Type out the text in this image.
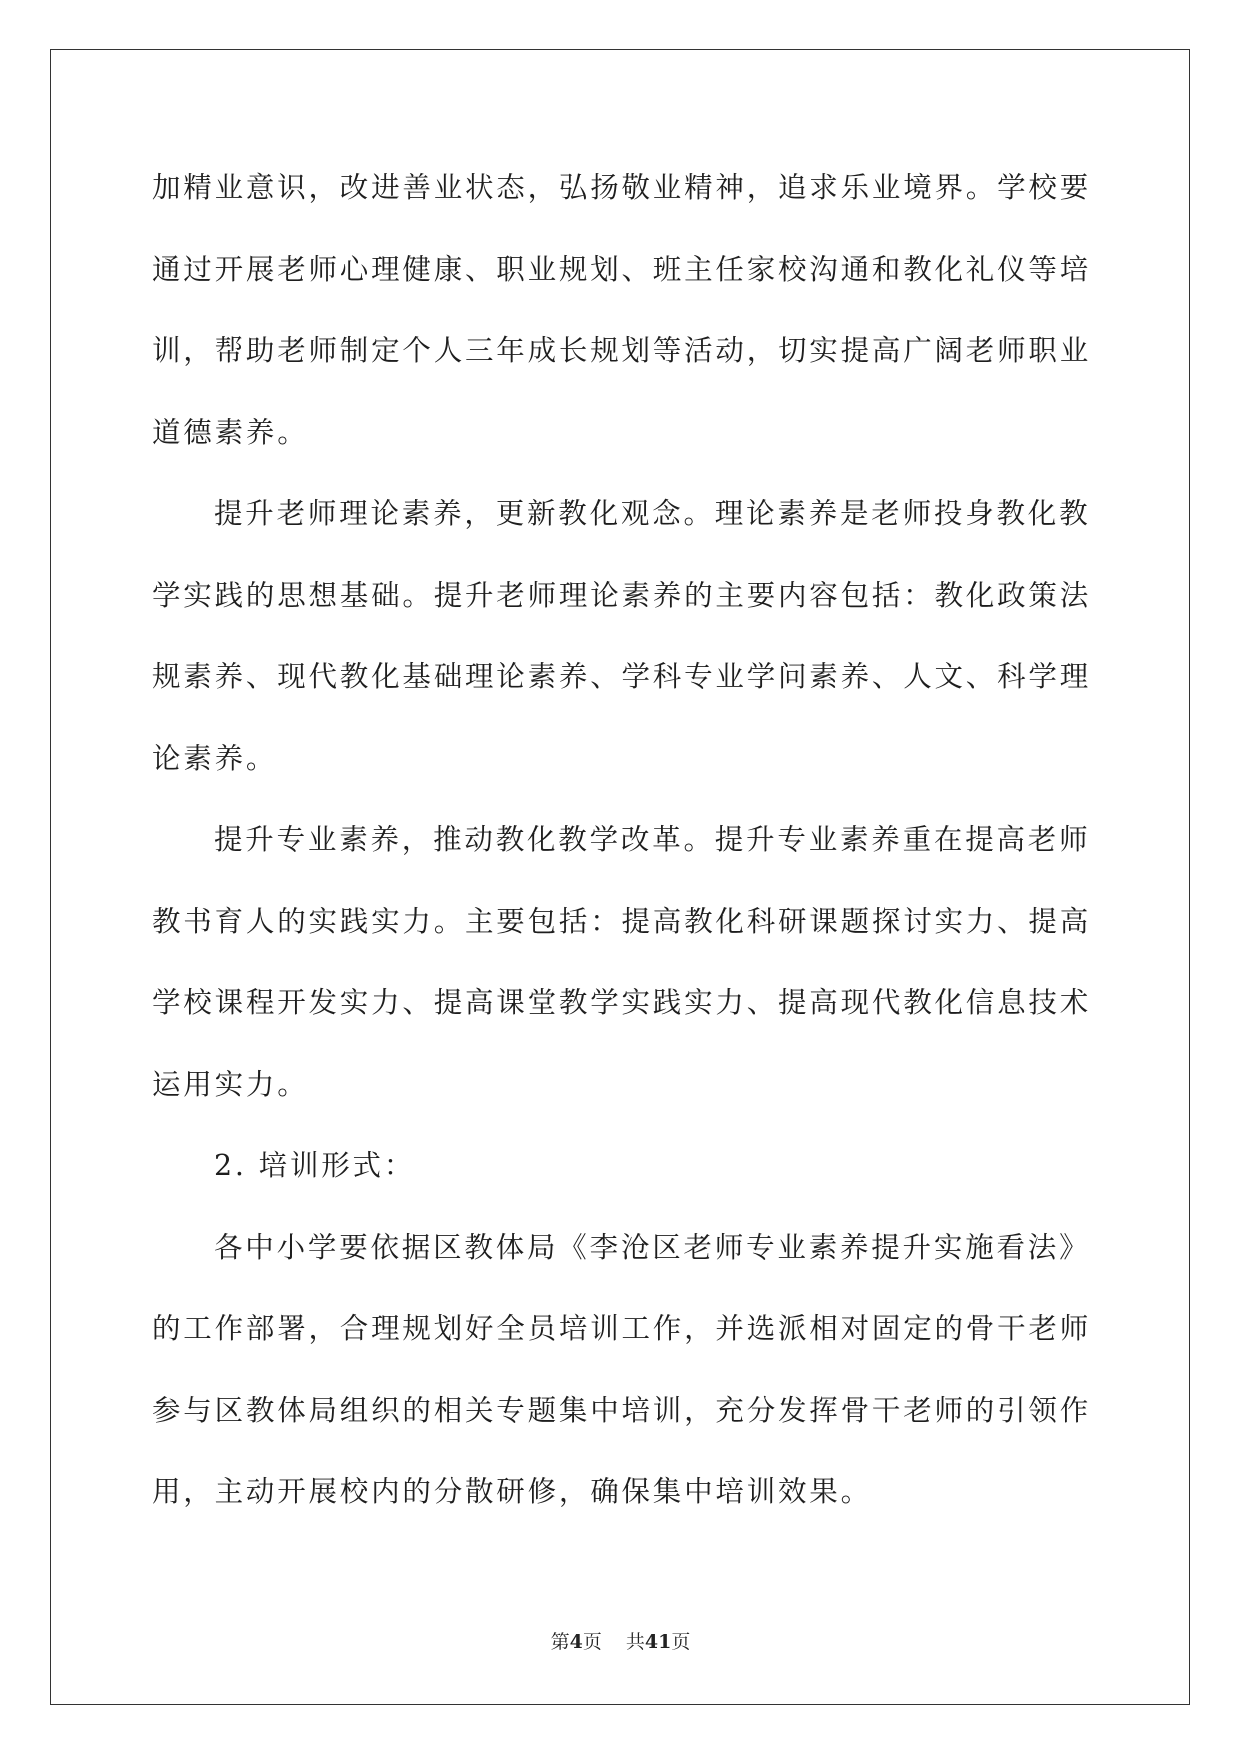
加精业意识，改进善业状态，弘扬敬业精神，追求乐业境界。学校要
通过开展老师心理健康、职业规划、班主任家校沟通和教化礼仪等培
训，帮助老师制定个人三年成长规划等活动，切实提高广阔老师职业
道德素养。
提升老师理论素养，更新教化观念。理论素养是老师投身教化教
学实践的思想基础。提升老师理论素养的主要内容包括：教化政策法
规素养、现代教化基础理论素养、学科专业学问素养、人文、科学理
论素养。
提升专业素养，推动教化教学改革。提升专业素养重在提高老师
教书育人的实践实力。主要包括：提高教化科研课题探讨实力、提高
学校课程开发实力、提高课堂教学实践实力、提高现代教化信息技术
运用实力。
2. 培训形式：
各中小学要依据区教体局《李沧区老师专业素养提升实施看法》
的工作部署，合理规划好全员培训工作，并选派相对固定的骨干老师
参与区教体局组织的相关专题集中培训，充分发挥骨干老师的引领作
用，主动开展校内的分散研修，确保集中培训效果。
第4页 共41页
